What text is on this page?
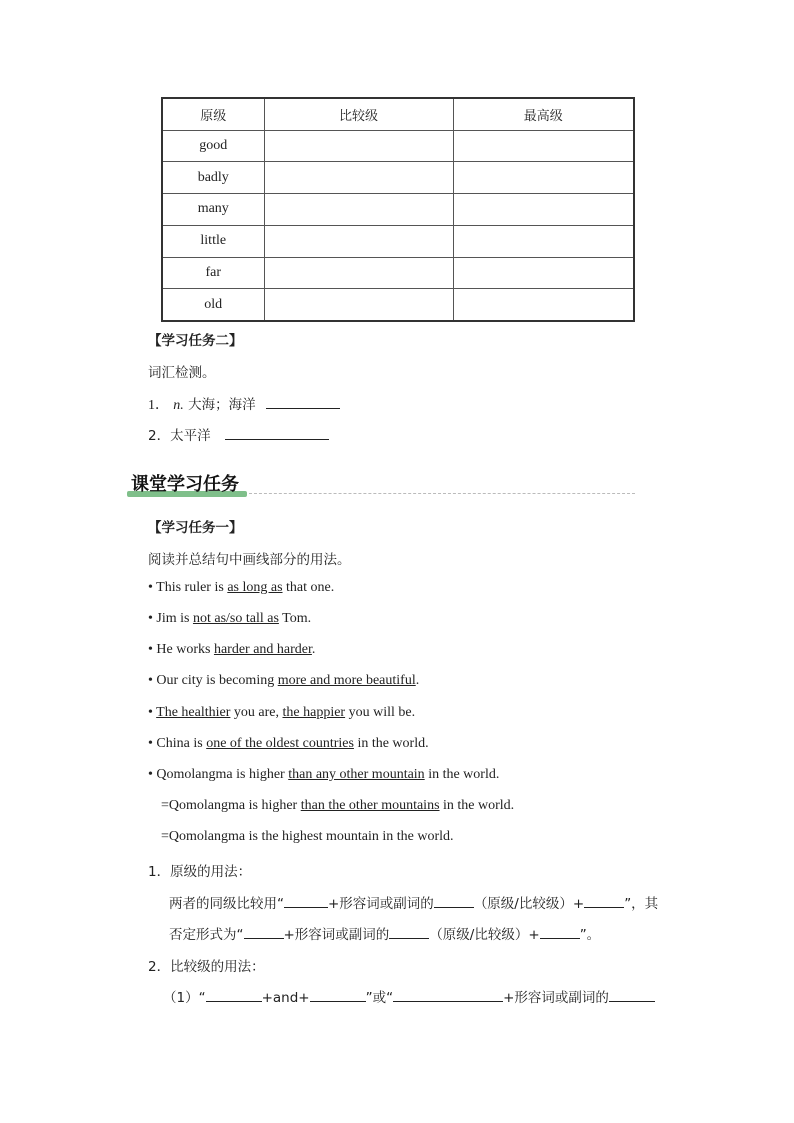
原级	比较级	最高级
good		
badly		
many		
little		
far		
old		
【学习任务二】
词汇检测。
1． n. 大海；海洋
2．太平洋
课堂学习任务
【学习任务一】
阅读并总结句中画线部分的用法。
• This ruler is as long as that one.
• Jim is not as/so tall as Tom.
• He works harder and harder.
• Our city is becoming more and more beautiful.
• The healthier you are, the happier you will be.
• China is one of the oldest countries in the world.
• Qomolangma is higher than any other mountain in the world.
=Qomolangma is higher than the other mountains in the world.
=Qomolangma is the highest mountain in the world.
1．原级的用法：
两者的同级比较用“	+形容词或副词的	（原级/比较级）+	”，其
否定形式为“	+形容词或副词的	（原级/比较级）+	”。
2．比较级的用法：
（1）“	+and+	”或“	+形容词或副词的
